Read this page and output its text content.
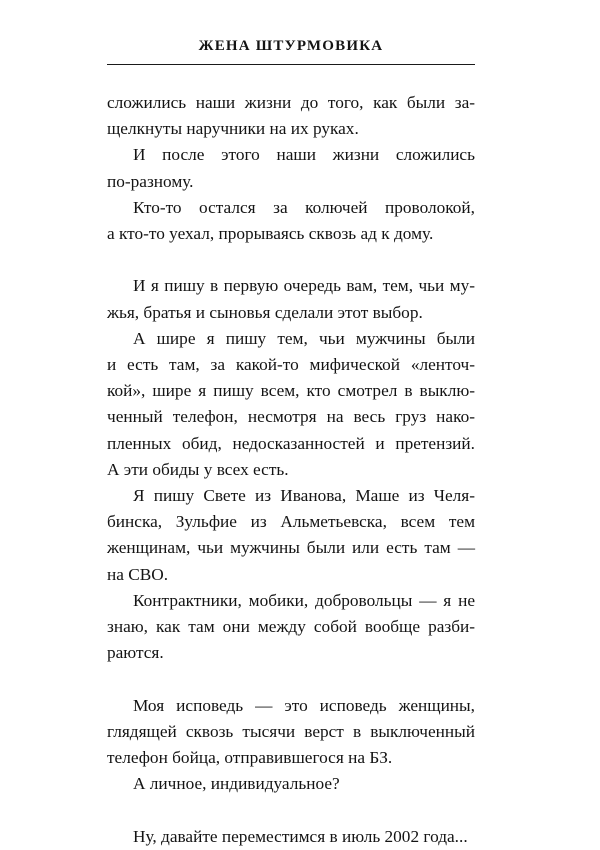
ЖЕНА ШТУРМОВИКА
сложились наши жизни до того, как были за-
щелкнуты наручники на их руках.
И после этого наши жизни сложились
по-разному.
Кто-то остался за колючей проволокой,
а кто-то уехал, прорываясь сквозь ад к дому.
И я пишу в первую очередь вам, тем, чьи му-
жья, братья и сыновья сделали этот выбор.
А шире я пишу тем, чьи мужчины были
и есть там, за какой-то мифической «ленточ-
кой», шире я пишу всем, кто смотрел в выклю-
ченный телефон, несмотря на весь груз нако-
пленных обид, недосказанностей и претензий.
А эти обиды у всех есть.
Я пишу Свете из Иванова, Маше из Челя-
бинска, Зульфие из Альметьевска, всем тем
женщинам, чьи мужчины были или есть там —
на СВО.
Контрактники, мобики, добровольцы — я не
знаю, как там они между собой вообще разби-
раются.
Моя исповедь — это исповедь женщины,
глядящей сквозь тысячи верст в выключенный
телефон бойца, отправившегося на БЗ.
А личное, индивидуальное?
Ну, давайте переместимся в июль 2002 года...
